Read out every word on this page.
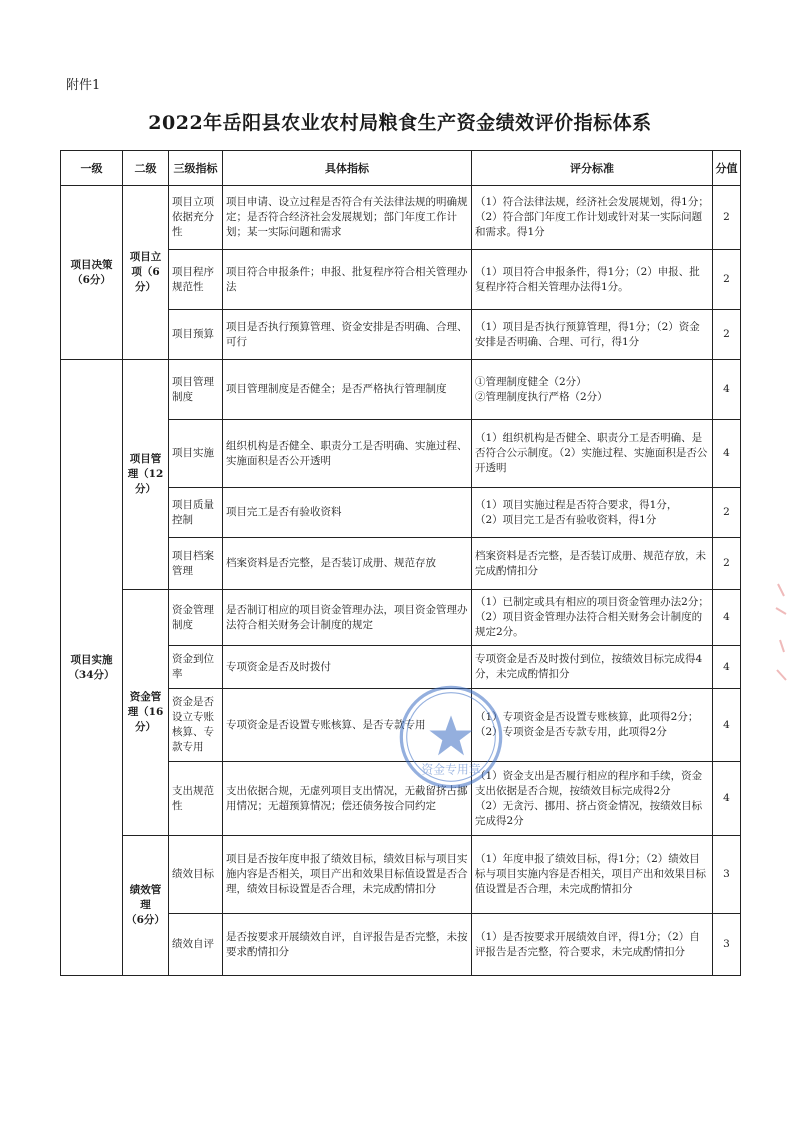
附件1
2022年岳阳县农业农村局粮食生产资金绩效评价指标体系
一级	二级	三级指标	具体指标	评分标准	分值
项目决策
（6分）	项目立
项（6
分）	项目立项依据充分性	项目申请、设立过程是否符合有关法律法规的明确规定；是否符合经济社会发展规划；部门年度工作计划；某一实际问题和需求	（1）符合法律法规，经济社会发展规划，得1分；（2）符合部门年度工作计划或针对某一实际问题和需求。得1分	2
		项目程序规范性	项目符合申报条件；申报、批复程序符合相关管理办法	（1）项目符合申报条件，得1分；（2）申报、批复程序符合相关管理办法得1分。	2
		项目预算	项目是否执行预算管理、资金安排是否明确、合理、可行	（1）项目是否执行预算管理，得1分；（2）资金安排是否明确、合理、可行，得1分	2
项目实施
（34分）	项目管
理（12
分）	项目管理制度	项目管理制度是否健全；是否严格执行管理制度	①管理制度健全（2分）
②管理制度执行严格（2分）	4
		项目实施	组织机构是否健全、职责分工是否明确、实施过程、实施面积是否公开透明	（1）组织机构是否健全、职责分工是否明确、是否符合公示制度。（2）实施过程、实施面积是否公开透明	4
		项目质量控制	项目完工是否有验收资料	（1）项目实施过程是否符合要求，得1分，
（2）项目完工是否有验收资料，得1分	2
		项目档案管理	档案资料是否完整，是否装订成册、规范存放	档案资料是否完整，是否装订成册、规范存放，未完成酌情扣分	2
	资金管
理（16
分）	资金管理制度	是否制订相应的项目资金管理办法，项目资金管理办法符合相关财务会计制度的规定	（1）已制定或具有相应的项目资金管理办法2分；（2）项目资金管理办法符合相关财务会计制度的规定2分。	4
		资金到位率	专项资金是否及时拨付	专项资金是否及时拨付到位，按绩效目标完成得4分，未完成酌情扣分	4
		资金是否设立专账核算、专款专用	专项资金是否设置专账核算、是否专款专用	（1）专项资金是否设置专账核算，此项得2分；（2）专项资金是否专款专用，此项得2分	4
		支出规范性	支出依据合规，无虚列项目支出情况，无截留挤占挪用情况；无超预算情况；偿还债务按合同约定	（1）资金支出是否履行相应的程序和手续，资金支出依据是否合规，按绩效目标完成得2分
（2）无贪污、挪用、挤占资金情况，按绩效目标完成得2分	4
	绩效管
理
（6分）	绩效目标	项目是否按年度申报了绩效目标，绩效目标与项目实施内容是否相关，项目产出和效果目标值设置是否合理，绩效目标设置是否合理，未完成酌情扣分	（1）年度申报了绩效目标，得1分；（2）绩效目标与项目实施内容是否相关，项目产出和效果目标值设置是否合理，未完成酌情扣分	3
		绩效自评	是否按要求开展绩效自评，自评报告是否完整，未按要求酌情扣分	（1）是否按要求开展绩效自评，得1分；（2）自评报告是否完整，符合要求，未完成酌情扣分	3
资金专用章
